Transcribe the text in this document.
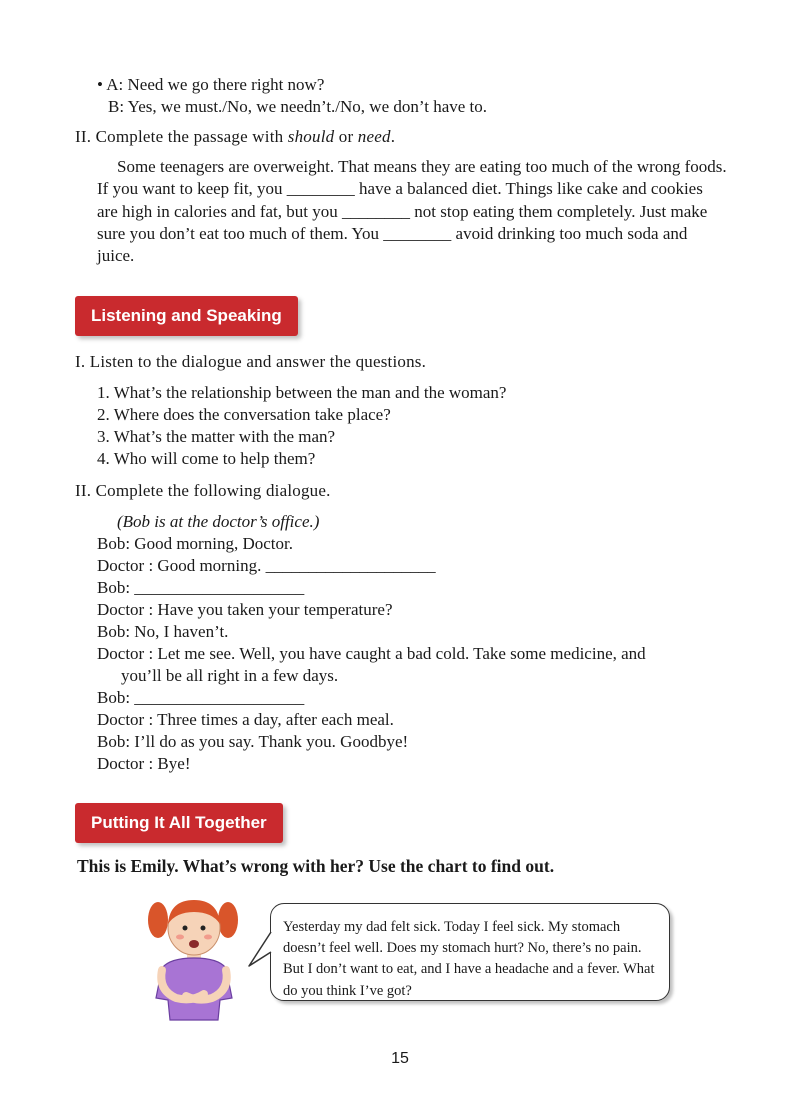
• A: Need we go there right now?
B: Yes, we must./No, we needn’t./No, we don’t have to.
II. Complete the passage with should or need.

Some teenagers are overweight. That means they are eating too much of the wrong foods. If you want to keep fit, you ________ have a balanced diet. Things like cake and cookies are high in calories and fat, but you ________ not stop eating them completely. Just make sure you don’t eat too much of them. You ________ avoid drinking too much soda and juice.

Listening and Speaking
I. Listen to the dialogue and answer the questions.
1. What’s the relationship between the man and the woman?
2. Where does the conversation take place?
3. What’s the matter with the man?
4. Who will come to help them?
II. Complete the following dialogue.
(Bob is at the doctor’s office.)
Bob: Good morning, Doctor.
Doctor : Good morning. ____________________
Bob: ____________________
Doctor : Have you taken your temperature?
Bob: No, I haven’t.
Doctor : Let me see. Well, you have caught a bad cold. Take some medicine, and
you’ll be all right in a few days.
Bob: ____________________
Doctor : Three times a day, after each meal.
Bob: I’ll do as you say. Thank you. Goodbye!
Doctor : Bye!
Putting It All Together
This is Emily. What’s wrong with her? Use the chart to find out.
Yesterday my dad felt sick. Today I feel sick. My stomach doesn’t feel well. Does my stomach hurt? No, there’s no pain. But I don’t want to eat, and I have a headache and a fever. What do you think I’ve got?
15
